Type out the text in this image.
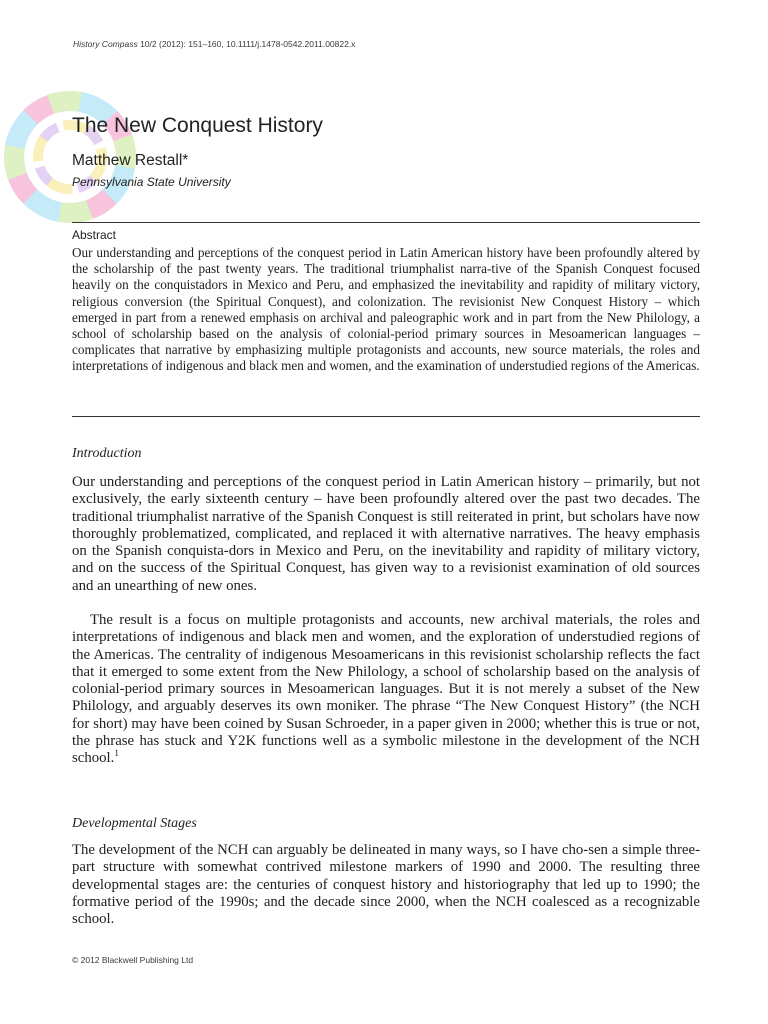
History Compass 10/2 (2012): 151–160, 10.1111/j.1478-0542.2011.00822.x
The New Conquest History

Matthew Restall*

Pennsylvania State University

Abstract

Our understanding and perceptions of the conquest period in Latin American history have been profoundly altered by the scholarship of the past twenty years. The traditional triumphalist narra-tive of the Spanish Conquest focused heavily on the conquistadors in Mexico and Peru, and emphasized the inevitability and rapidity of military victory, religious conversion (the Spiritual Conquest), and colonization. The revisionist New Conquest History – which emerged in part from a renewed emphasis on archival and paleographic work and in part from the New Philology, a school of scholarship based on the analysis of colonial-period primary sources in Mesoamerican languages – complicates that narrative by emphasizing multiple protagonists and accounts, new source materials, the roles and interpretations of indigenous and black men and women, and the examination of understudied regions of the Americas.

Introduction

Our understanding and perceptions of the conquest period in Latin American history – primarily, but not exclusively, the early sixteenth century – have been profoundly altered over the past two decades. The traditional triumphalist narrative of the Spanish Conquest is still reiterated in print, but scholars have now thoroughly problematized, complicated, and replaced it with alternative narratives. The heavy emphasis on the Spanish conquista-dors in Mexico and Peru, on the inevitability and rapidity of military victory, and on the success of the Spiritual Conquest, has given way to a revisionist examination of old sources and an unearthing of new ones.

The result is a focus on multiple protagonists and accounts, new archival materials, the roles and interpretations of indigenous and black men and women, and the exploration of understudied regions of the Americas. The centrality of indigenous Mesoamericans in this revisionist scholarship reflects the fact that it emerged to some extent from the New Philology, a school of scholarship based on the analysis of colonial-period primary sources in Mesoamerican languages. But it is not merely a subset of the New Philology, and arguably deserves its own moniker. The phrase “The New Conquest History” (the NCH for short) may have been coined by Susan Schroeder, in a paper given in 2000; whether this is true or not, the phrase has stuck and Y2K functions well as a symbolic milestone in the development of the NCH school.$^1$

Developmental Stages

The development of the NCH can arguably be delineated in many ways, so I have cho-sen a simple three-part structure with somewhat contrived milestone markers of 1990 and 2000. The resulting three developmental stages are: the centuries of conquest history and historiography that led up to 1990; the formative period of the 1990s; and the decade since 2000, when the NCH coalesced as a recognizable school.

© 2012 Blackwell Publishing Ltd
